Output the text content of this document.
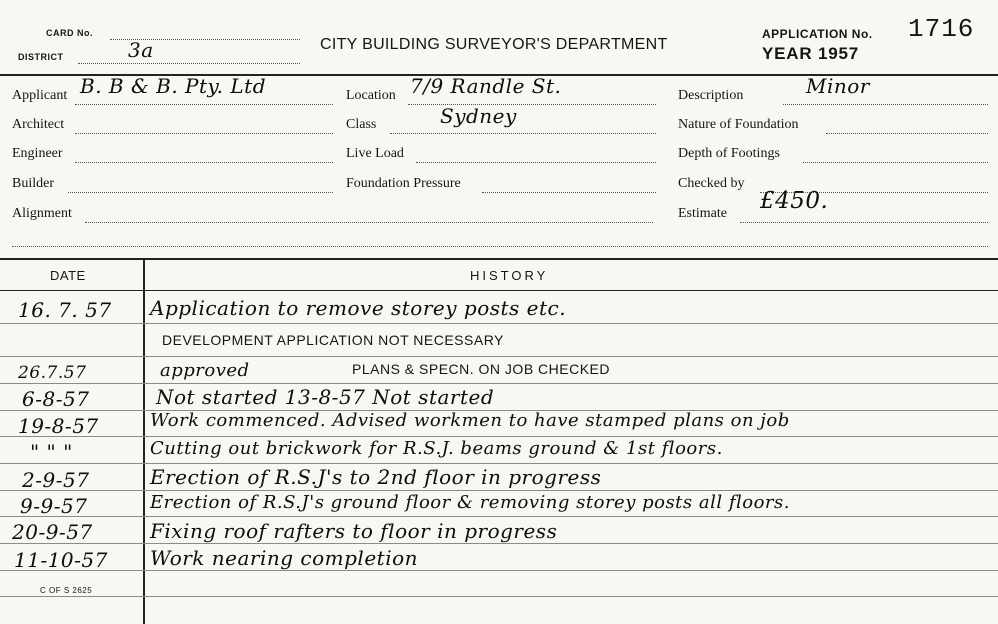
CARD No.
DISTRICT	3a	CITY BUILDING SURVEYOR'S DEPARTMENT
APPLICATION No. 1716
YEAR 1957
Applicant B. B & B. Pty. Ltd
Architect
Engineer
Builder
Alignment
Location 7/9 Randle St.
Class	Sydney
Live Load
Foundation Pressure
Description	Minor
Nature of Foundation
Depth of Footings
Checked by
Estimate £450.
DATE	HISTORY
16. 7. 57 Application to remove storey posts etc.
DEVELOPMENT APPLICATION NOT NECESSARY
26.7.57	approved	PLANS & SPECN. ON JOB CHECKED
6-8-57	Not started 13-8-57 Not started
19-8-57	Work commenced. Advised workmen to have stamped plans on job
" " "	Cutting out brickwork for R.S.J. beams ground & 1st floors.
2-9-57	Erection of R.S.J's to 2nd floor in progress
9-9-57	Erection of R.S.J's ground floor & removing storey posts all floors.
20-9-57	Fixing roof rafters to floor in progress
11-10-57 Work nearing completion
C OF S 2625
